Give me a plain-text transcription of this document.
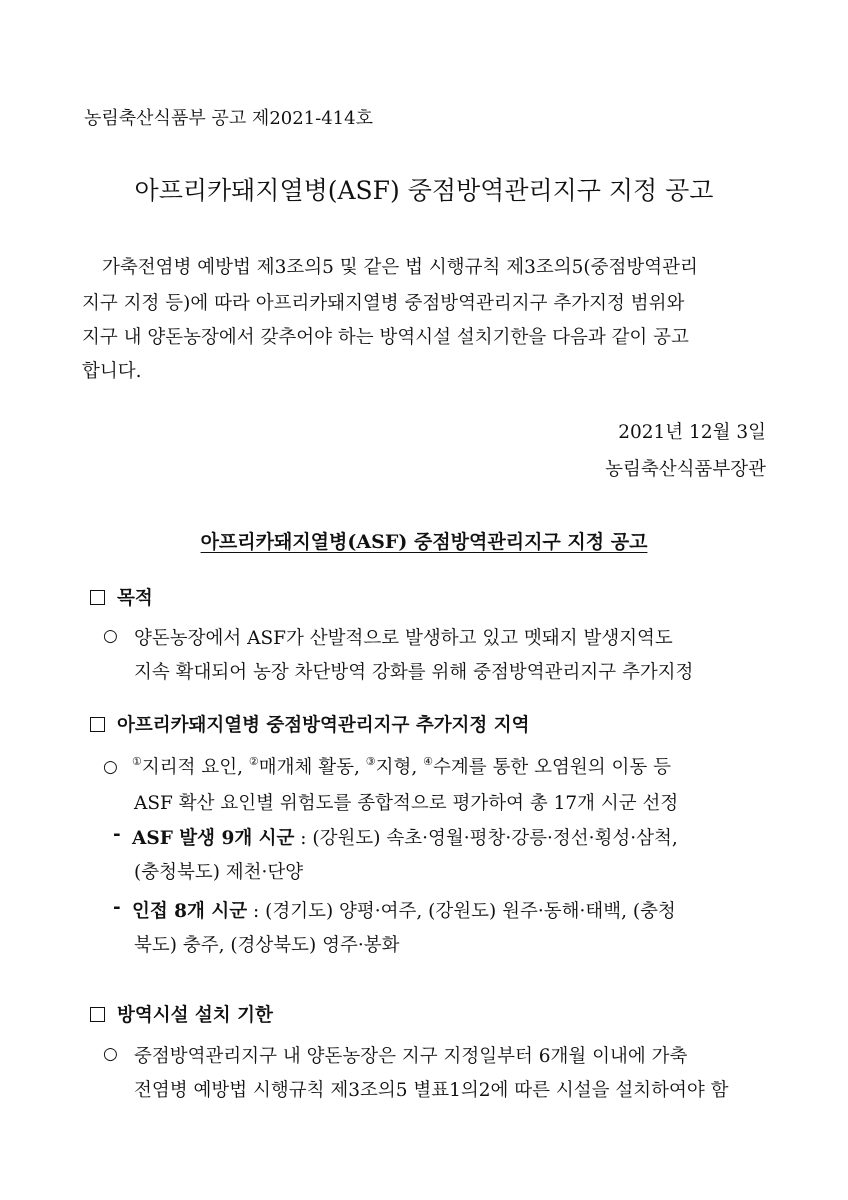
농림축산식품부 공고 제2021-414호
아프리카돼지열병(ASF) 중점방역관리지구 지정 공고
가축전염병 예방법 제3조의5 및 같은 법 시행규칙 제3조의5(중점방역관리
지구 지정 등)에 따라 아프리카돼지열병 중점방역관리지구 추가지정 범위와
지구 내 양돈농장에서 갖추어야 하는 방역시설 설치기한을 다음과 같이 공고
합니다.
2021년 12월 3일
농림축산식품부장관
아프리카돼지열병(ASF) 중점방역관리지구 지정 공고
목적
○ 양돈농장에서 ASF가 산발적으로 발생하고 있고 멧돼지 발생지역도
지속 확대되어 농장 차단방역 강화를 위해 중점방역관리지구 추가지정
아프리카돼지열병 중점방역관리지구 추가지정 지역
○ ①지리적 요인, ②매개체 활동, ③지형, ④수계를 통한 오염원의 이동 등
ASF 확산 요인별 위험도를 종합적으로 평가하여 총 17개 시군 선정
- ASF 발생 9개 시군 : (강원도) 속초·영월·평창·강릉·정선·횡성·삼척,
(충청북도) 제천·단양
- 인접 8개 시군 : (경기도) 양평·여주, (강원도) 원주·동해·태백, (충청
북도) 충주, (경상북도) 영주·봉화
방역시설 설치 기한
○ 중점방역관리지구 내 양돈농장은 지구 지정일부터 6개월 이내에 가축
전염병 예방법 시행규칙 제3조의5 별표1의2에 따른 시설을 설치하여야 함
